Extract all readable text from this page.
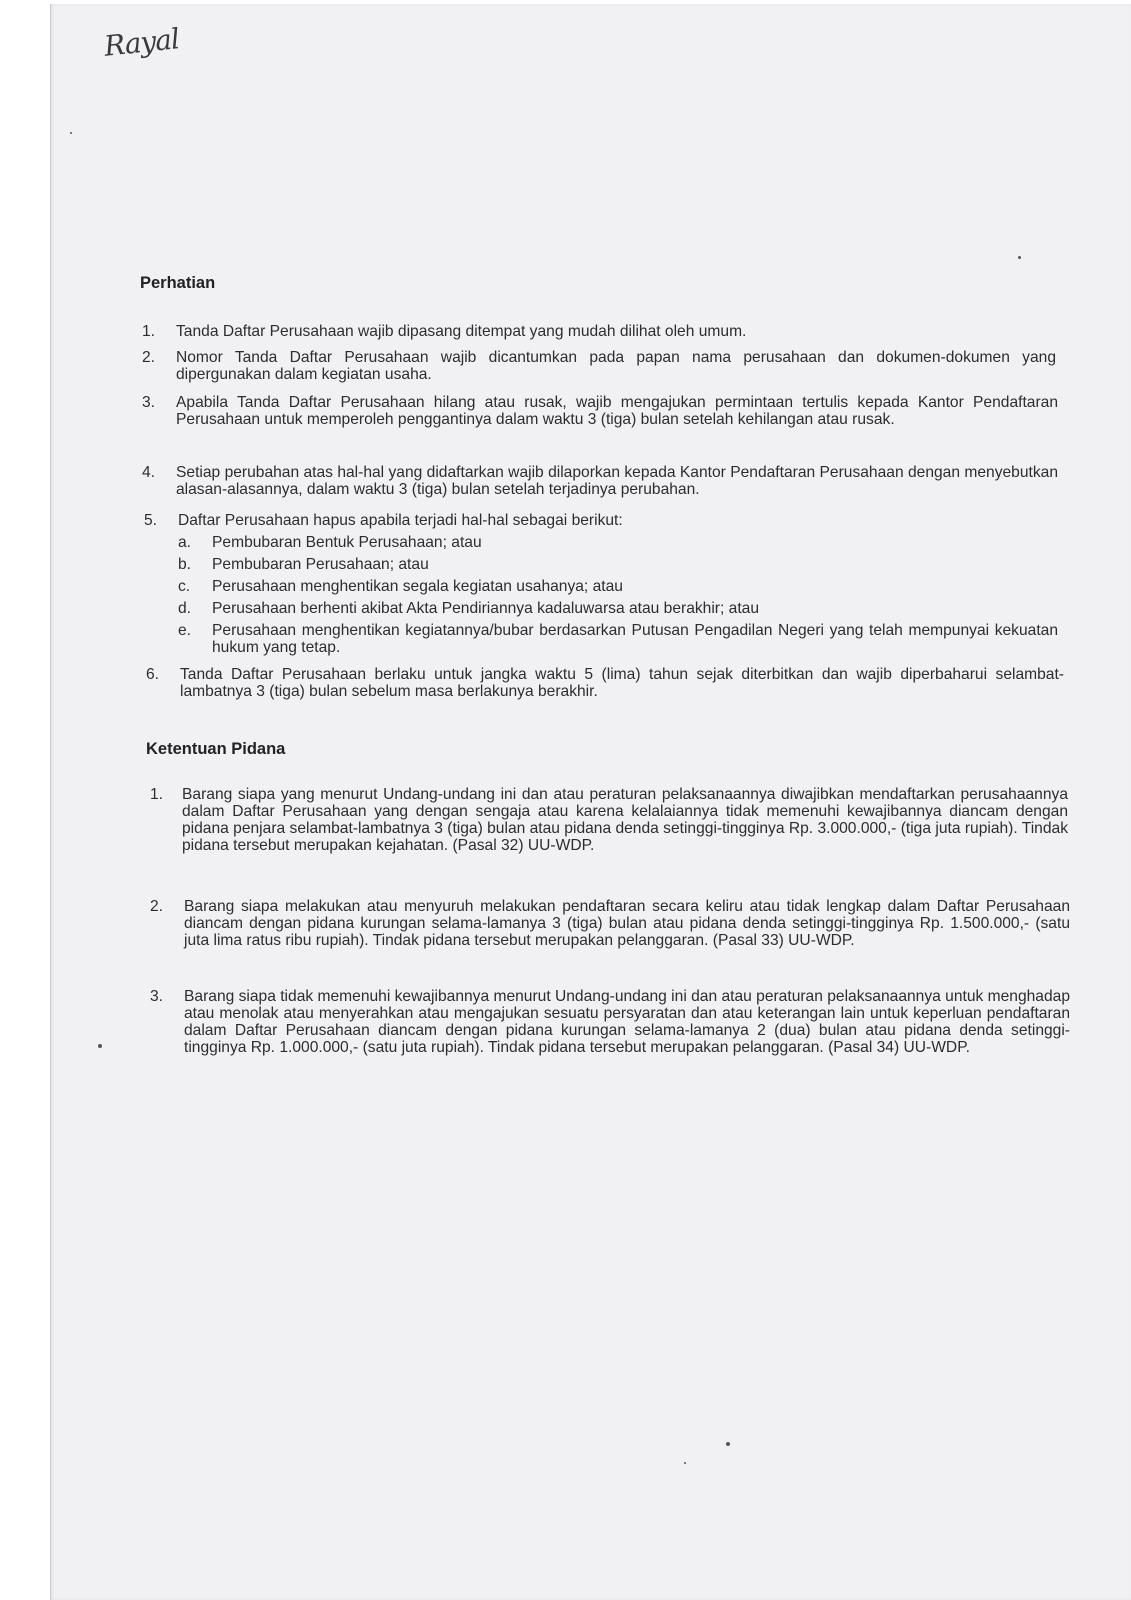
Rayal
Perhatian
1. Tanda Daftar Perusahaan wajib dipasang ditempat yang mudah dilihat oleh umum.
2. Nomor Tanda Daftar Perusahaan wajib dicantumkan pada papan nama perusahaan dan dokumen-dokumen yang dipergunakan dalam kegiatan usaha.
3. Apabila Tanda Daftar Perusahaan hilang atau rusak, wajib mengajukan permintaan tertulis kepada Kantor Pendaftaran Perusahaan untuk memperoleh penggantinya dalam waktu 3 (tiga) bulan setelah kehilangan atau rusak.
4. Setiap perubahan atas hal-hal yang didaftarkan wajib dilaporkan kepada Kantor Pendaftaran Perusahaan dengan menyebutkan alasan-alasannya, dalam waktu 3 (tiga) bulan setelah terjadinya perubahan.
5. Daftar Perusahaan hapus apabila terjadi hal-hal sebagai berikut:
a. Pembubaran Bentuk Perusahaan; atau
b. Pembubaran Perusahaan; atau
c. Perusahaan menghentikan segala kegiatan usahanya; atau
d. Perusahaan berhenti akibat Akta Pendiriannya kadaluwarsa atau berakhir; atau
e. Perusahaan menghentikan kegiatannya/bubar berdasarkan Putusan Pengadilan Negeri yang telah mempunyai kekuatan hukum yang tetap.
6. Tanda Daftar Perusahaan berlaku untuk jangka waktu 5 (lima) tahun sejak diterbitkan dan wajib diperbaharui selambat-lambatnya 3 (tiga) bulan sebelum masa berlakunya berakhir.
Ketentuan Pidana
1. Barang siapa yang menurut Undang-undang ini dan atau peraturan pelaksanaannya diwajibkan mendaftarkan perusahaannya dalam Daftar Perusahaan yang dengan sengaja atau karena kelalaiannya tidak memenuhi kewajibannya diancam dengan pidana penjara selambat-lambatnya 3 (tiga) bulan atau pidana denda setinggi-tingginya Rp. 3.000.000,- (tiga juta rupiah). Tindak pidana tersebut merupakan kejahatan. (Pasal 32) UU-WDP.
2. Barang siapa melakukan atau menyuruh melakukan pendaftaran secara keliru atau tidak lengkap dalam Daftar Perusahaan diancam dengan pidana kurungan selama-lamanya 3 (tiga) bulan atau pidana denda setinggi-tingginya Rp. 1.500.000,- (satu juta lima ratus ribu rupiah). Tindak pidana tersebut merupakan pelanggaran. (Pasal 33) UU-WDP.
3. Barang siapa tidak memenuhi kewajibannya menurut Undang-undang ini dan atau peraturan pelaksanaannya untuk menghadap atau menolak atau menyerahkan atau mengajukan sesuatu persyaratan dan atau keterangan lain untuk keperluan pendaftaran dalam Daftar Perusahaan diancam dengan pidana kurungan selama-lamanya 2 (dua) bulan atau pidana denda setinggi-tingginya Rp. 1.000.000,- (satu juta rupiah). Tindak pidana tersebut merupakan pelanggaran. (Pasal 34) UU-WDP.
